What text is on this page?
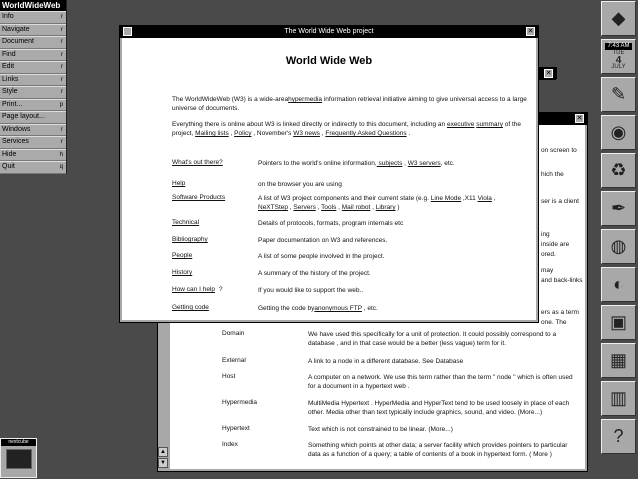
WorldWideWeb
Info	r
Navigate	r
Document	r
Find	r
Edit	r
Links	r
Style	r
Print...	p
Page layout...
Windows	r
Services	r
Hide	h
Quit	q
◆
7:43 AM
TUE
4
JULY
✎
◉
♻
✒
◍
◐
▣
▦
▥
?
nextcube
✕
on screen to
hich the
ser is a client
ing
inside are
ored.
may
and back-links
ers as a term
one. The
Domain	We have used this specifically for a unit of protection. It could possibly correspond to a database , and in that case would be a better (less vague) term for it.
External	A link to a node in a different database. See Database
Host	A computer on a network. We use this term rather than the term " node " which is often used for a document in a hypertext web .
Hypermedia	MultiMedia Hypertext . HyperMedia and HyperText tend to be used loosely in place of each other. Media other than text typically include graphics, sound, and video. (More...)
Hypertext	Text which is not constrained to be linear. (More...)
Index	Something which points at other data; a server facility which provides pointers to particular data as a function of a query; a table of contents of a book in hypertext form. ( More )
▲
▼
✕
The World Wide Web project	✕
World Wide Web
The WorldWideWeb (W3) is a wide-areahypermedia information retrieval initiative aiming to give universal access to a large universe of documents.
Everything there is online about W3 is linked directly or indirectly to this document, including an executive summary of the project, Mailing lists , Policy , November's W3 news , Frequently Asked Questions .
What's out there?	Pointers to the world's online information, subjects , W3 servers, etc.
Help	on the browser you are using
Software Products	A list of W3 project components and their current state (e.g. Line Mode ,X11 Viola ,
NeXTStep , Servers , Tools , Mail robot , Library )
Technical	Details of protocols, formats, program internals etc
Bibliography	Paper documentation on W3 and references.
People	A list of some people involved in the project.
History	A summary of the history of the project.
How can I help ?	If you would like to support the web..
Getting code	Getting the code byanonymous FTP , etc.
